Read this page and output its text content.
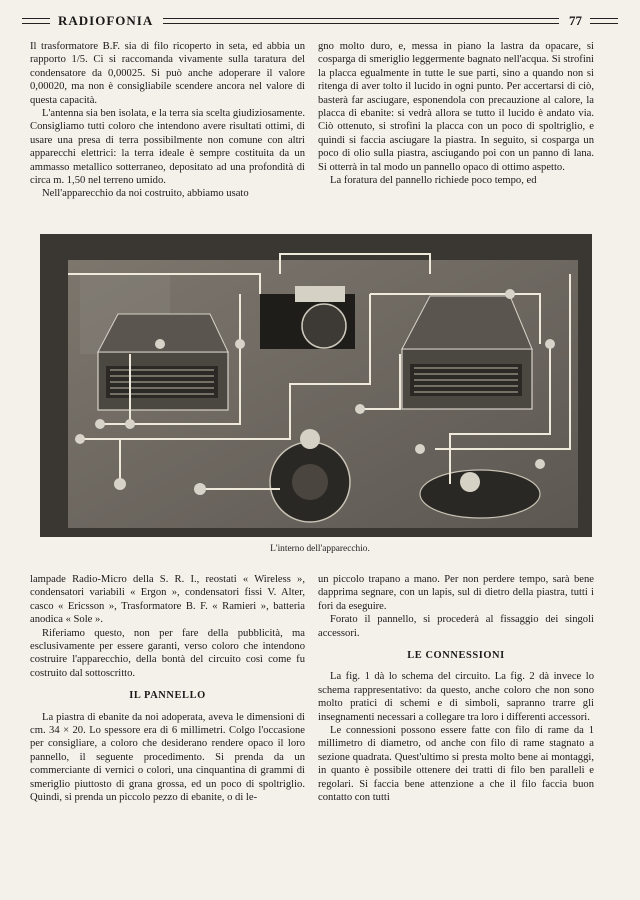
RADIOFONIA	77

Il trasformatore B.F. sia di filo ricoperto in seta, ed abbia un rapporto 1/5. Ci si raccomanda vivamente sulla taratura del condensatore da 0,00025. Si può anche adoperare il valore 0,00020, ma non è consigliabile scendere ancora nel valore di questa capacità.

L'antenna sia ben isolata, e la terra sia scelta giudiziosamente. Consigliamo tutti coloro che intendono avere risultati ottimi, di usare una presa di terra possibilmente non comune con altri apparecchi elettrici: la terra ideale è sempre costituita da un ammasso metallico sotterraneo, depositato ad una profondità di circa m. 1,50 nel terreno umido.

Nell'apparecchio da noi costruito, abbiamo usato

gno molto duro, e, messa in piano la lastra da opacare, si cosparga di smeriglio leggermente bagnato nell'acqua. Si strofini la placca egualmente in tutte le sue parti, sino a quando non si ritenga di aver tolto il lucido in ogni punto. Per accertarsi di ciò, basterà far asciugare, esponendola con precauzione al calore, la placca di ebanite: si vedrà allora se tutto il lucido è andato via. Ciò ottenuto, si strofini la placca con un poco di spoltriglio, e quindi si faccia asciugare la piastra. In seguito, si cosparga un poco di olio sulla piastra, asciugando poi con un panno di lana. Si otterrà in tal modo un pannello opaco di ottimo aspetto.

La foratura del pannello richiede poco tempo, ed

L'interno dell'apparecchio.

lampade Radio-Micro della S. R. I., reostati « Wireless », condensatori variabili « Ergon », condensatori fissi V. Alter, casco « Ericsson », Trasformatore B. F. « Ramieri », batteria anodica « Sole ».

Riferiamo questo, non per fare della pubblicità, ma esclusivamente per essere garanti, verso coloro che intendono costruire l'apparecchio, della bontà del circuito così come fu costruito dal sottoscritto.

IL PANNELLO

La piastra di ebanite da noi adoperata, aveva le dimensioni di cm. 34 × 20. Lo spessore era di 6 millimetri. Colgo l'occasione per consigliare, a coloro che desiderano rendere opaco il loro pannello, il seguente procedimento. Si prenda da un commerciante di vernici o colori, una cinquantina di grammi di smeriglio piuttosto di grana grossa, ed un poco di spoltriglio. Quindi, si prenda un piccolo pezzo di ebanite, o di le-

un piccolo trapano a mano. Per non perdere tempo, sarà bene dapprima segnare, con un lapis, sul di dietro della piastra, tutti i fori da eseguire.

Forato il pannello, si procederà al fissaggio dei singoli accessori.

LE CONNESSIONI

La fig. 1 dà lo schema del circuito. La fig. 2 dà invece lo schema rappresentativo: da questo, anche coloro che non sono molto pratici di schemi e di simboli, sapranno trarre gli insegnamenti necessari a collegare tra loro i differenti accessori.

Le connessioni possono essere fatte con filo di rame da 1 millimetro di diametro, od anche con filo di rame stagnato a sezione quadrata. Quest'ultimo si presta molto bene ai montaggi, in quanto è possibile ottenere dei tratti di filo ben paralleli e regolari. Si faccia bene attenzione a che il filo faccia buon contatto con tutti
